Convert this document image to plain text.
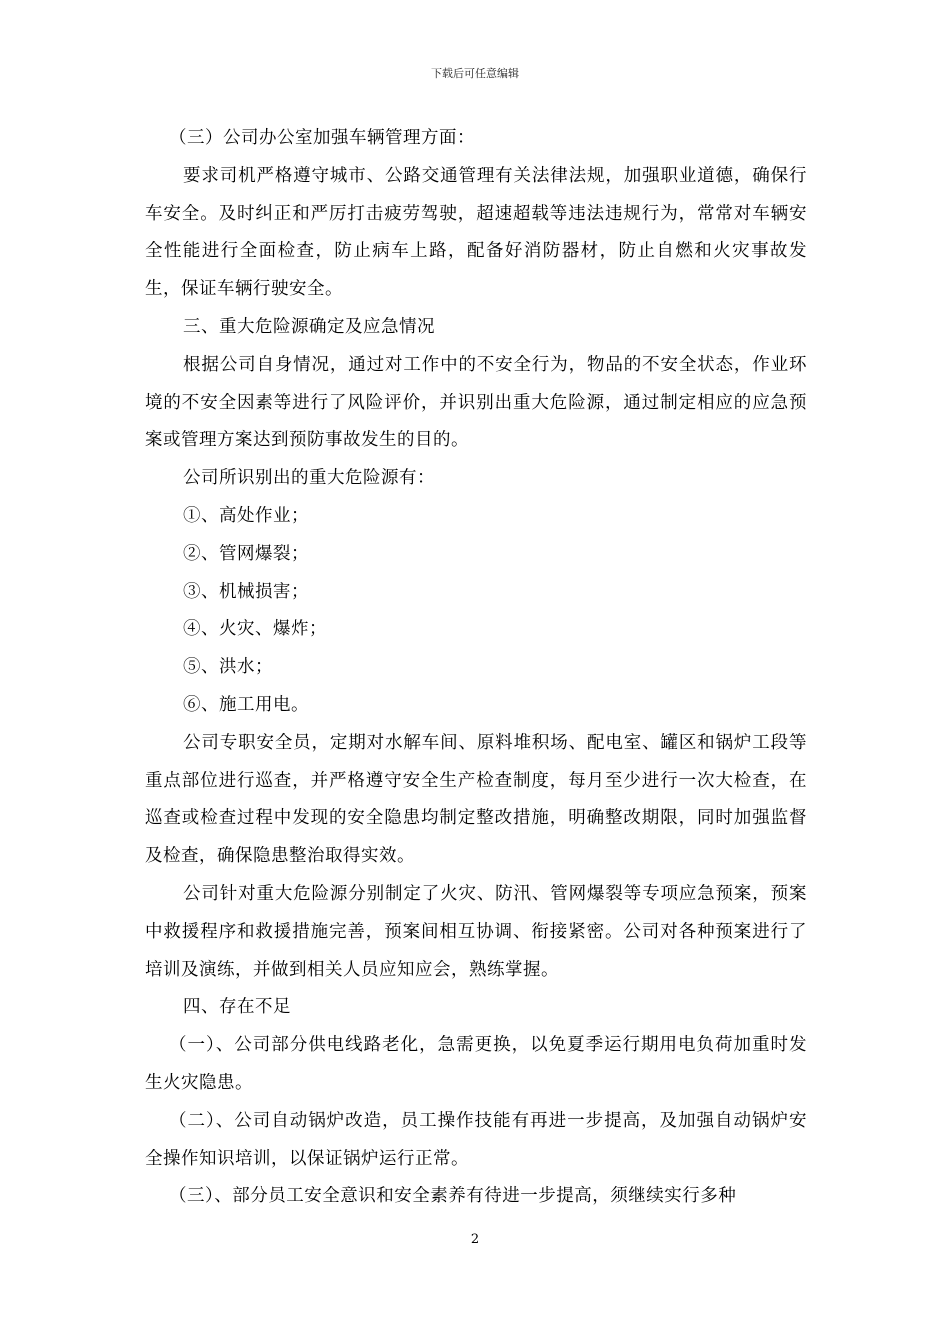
下载后可任意编辑

（三）公司办公室加强车辆管理方面：

要求司机严格遵守城市、公路交通管理有关法律法规，加强职业道德，确保行车安全。及时纠正和严厉打击疲劳驾驶，超速超载等违法违规行为，常常对车辆安全性能进行全面检查，防止病车上路，配备好消防器材，防止自燃和火灾事故发生，保证车辆行驶安全。

三、重大危险源确定及应急情况

根据公司自身情况，通过对工作中的不安全行为，物品的不安全状态，作业环境的不安全因素等进行了风险评价，并识别出重大危险源，通过制定相应的应急预案或管理方案达到预防事故发生的目的。

公司所识别出的重大危险源有：

①、高处作业；

②、管网爆裂；

③、机械损害；

④、火灾、爆炸；

⑤、洪水；

⑥、施工用电。

公司专职安全员，定期对水解车间、原料堆积场、配电室、罐区和锅炉工段等重点部位进行巡查，并严格遵守安全生产检查制度，每月至少进行一次大检查，在巡查或检查过程中发现的安全隐患均制定整改措施，明确整改期限，同时加强监督及检查，确保隐患整治取得实效。

公司针对重大危险源分别制定了火灾、防汛、管网爆裂等专项应急预案，预案中救援程序和救援措施完善，预案间相互协调、衔接紧密。公司对各种预案进行了培训及演练，并做到相关人员应知应会，熟练掌握。

四、存在不足

（一）、公司部分供电线路老化，急需更换，以免夏季运行期用电负荷加重时发生火灾隐患。

（二）、公司自动锅炉改造，员工操作技能有再进一步提高，及加强自动锅炉安全操作知识培训，以保证锅炉运行正常。

（三）、部分员工安全意识和安全素养有待进一步提高，须继续实行多种

2
